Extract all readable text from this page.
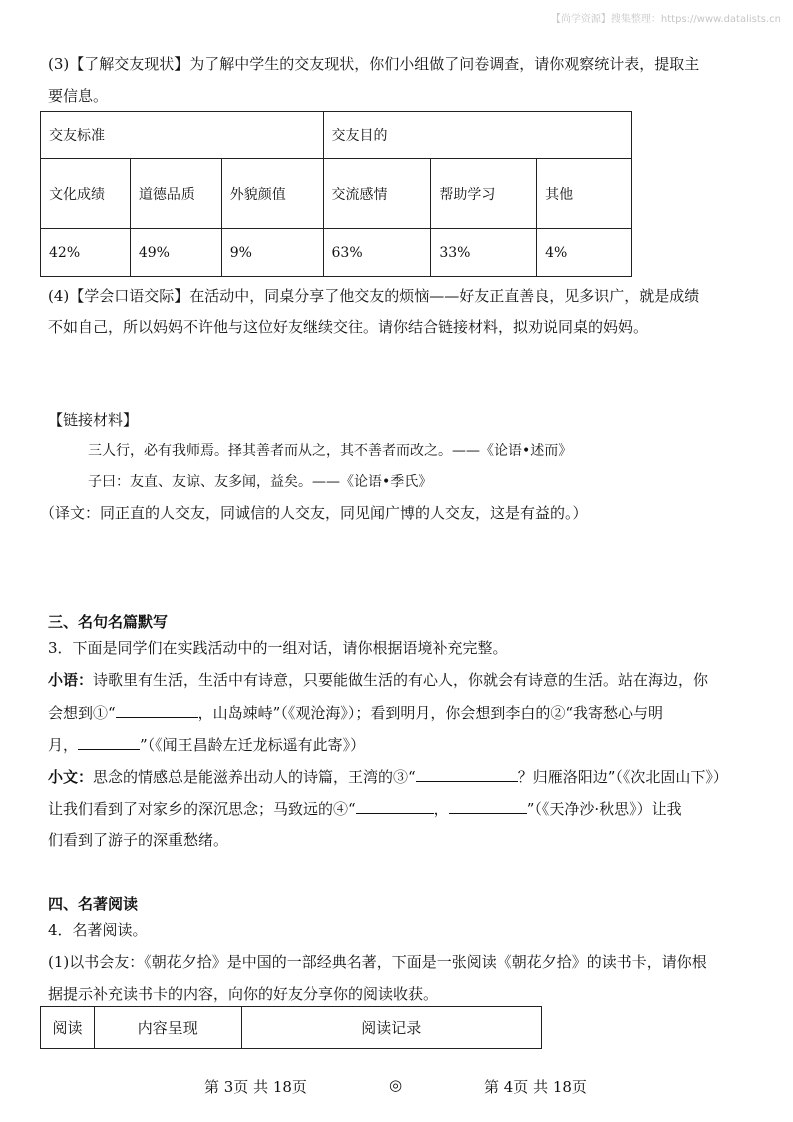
【尚学资源】搜集整理：https://www.datalists.cn
(3)【了解交友现状】为了解中学生的交友现状，你们小组做了问卷调查，请你观察统计表，提取主
要信息。
交友标准			交友目的		
文化成绩	道德品质	外貌颜值	交流感情	帮助学习	其他
42%	49%	9%	63%	33%	4%
(4)【学会口语交际】在活动中，同桌分享了他交友的烦恼——好友正直善良，见多识广，就是成绩
不如自己，所以妈妈不许他与这位好友继续交往。请你结合链接材料，拟劝说同桌的妈妈。
【链接材料】
三人行，必有我师焉。择其善者而从之，其不善者而改之。——《论语•述而》
子曰：友直、友谅、友多闻，益矣。——《论语•季氏》
（译文：同正直的人交友，同诚信的人交友，同见闻广博的人交友，这是有益的。）
三、名句名篇默写
3．下面是同学们在实践活动中的一组对话，请你根据语境补充完整。
小语：诗歌里有生活，生活中有诗意，只要能做生活的有心人，你就会有诗意的生活。站在海边，你
会想到①“	，山岛竦峙”（《观沧海》）；看到明月，你会想到李白的②“我寄愁心与明
月，	”（《闻王昌龄左迁龙标遥有此寄》）
小文：思念的情感总是能滋养出动人的诗篇，王湾的③“	？归雁洛阳边”（《次北固山下》）
让我们看到了对家乡的深沉思念；马致远的④“	，	”（《天净沙·秋思》）让我
们看到了游子的深重愁绪。
四、名著阅读
4．名著阅读。
(1)以书会友：《朝花夕拾》是中国的一部经典名著，下面是一张阅读《朝花夕拾》的读书卡，请你根
据提示补充读书卡的内容，向你的好友分享你的阅读收获。
阅读	内容呈现	阅读记录
第 3页 共 18页	◎	第 4页 共 18页
